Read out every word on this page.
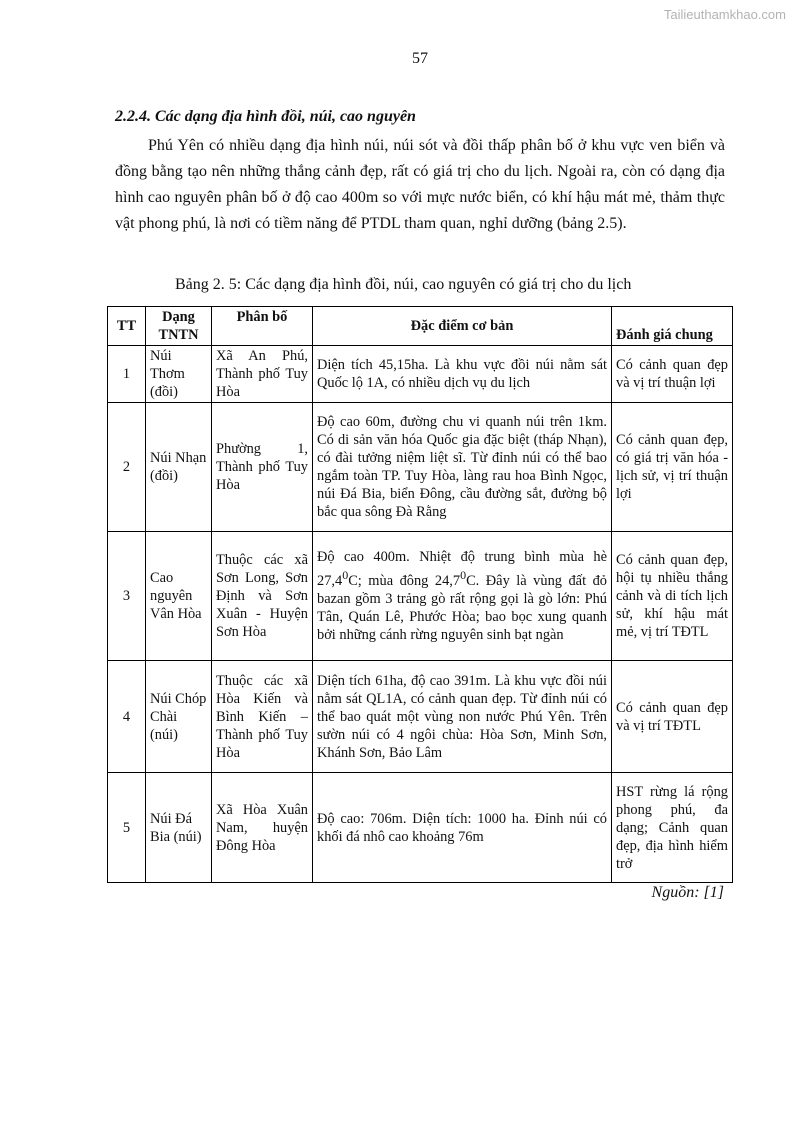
Tailieuthamkhao.com
57
2.2.4. Các dạng địa hình đồi, núi, cao nguyên

Phú Yên có nhiều dạng địa hình núi, núi sót và đồi thấp phân bố ở khu vực ven biển và đồng bằng tạo nên những thắng cảnh đẹp, rất có giá trị cho du lịch. Ngoài ra, còn có dạng địa hình cao nguyên phân bố ở độ cao 400m so với mực nước biển, có khí hậu mát mẻ, thảm thực vật phong phú, là nơi có tiềm năng để PTDL tham quan, nghỉ dưỡng (bảng 2.5).

Bảng 2. 5: Các dạng địa hình đồi, núi, cao nguyên có giá trị cho du lịch
TT	Dạng TNTN	Phân bố	Đặc điểm cơ bản	Đánh giá chung
1	Núi Thơm (đồi)	Xã An Phú, Thành phố Tuy Hòa	Diện tích 45,15ha. Là khu vực đồi núi nằm sát Quốc lộ 1A, có nhiều dịch vụ du lịch	Có cảnh quan đẹp và vị trí thuận lợi
2	Núi Nhạn (đồi)	Phường 1, Thành phố Tuy Hòa	Độ cao 60m, đường chu vi quanh núi trên 1km. Có di sản văn hóa Quốc gia đặc biệt (tháp Nhạn), có đài tưởng niệm liệt sĩ. Từ đỉnh núi có thể bao ngắm toàn TP. Tuy Hòa, làng rau hoa Bình Ngọc, núi Đá Bia, biển Đông, cầu đường sắt, đường bộ bắc qua sông Đà Rằng	Có cảnh quan đẹp, có giá trị văn hóa - lịch sử, vị trí thuận lợi
3	Cao nguyên Vân Hòa	Thuộc các xã Sơn Long, Sơn Định và Sơn Xuân - Huyện Sơn Hòa	Độ cao 400m. Nhiệt độ trung bình mùa hè 27,4$^0$C; mùa đông 24,7$^0$C. Đây là vùng đất đỏ bazan gồm 3 trảng gò rất rộng gọi là gò lớn: Phú Tân, Quán Lê, Phước Hòa; bao bọc xung quanh bởi những cánh rừng nguyên sinh bạt ngàn	Có cảnh quan đẹp, hội tụ nhiều thắng cảnh và di tích lịch sử, khí hậu mát mẻ, vị trí TĐTL
4	Núi Chóp Chài (núi)	Thuộc các xã Hòa Kiến và Bình Kiến – Thành phố Tuy Hòa	Diện tích 61ha, độ cao 391m. Là khu vực đồi núi nằm sát QL1A, có cảnh quan đẹp. Từ đỉnh núi có thể bao quát một vùng non nước Phú Yên. Trên sườn núi có 4 ngôi chùa: Hòa Sơn, Minh Sơn, Khánh Sơn, Bảo Lâm	Có cảnh quan đẹp và vị trí TĐTL
5	Núi Đá Bia (núi)	Xã Hòa Xuân Nam, huyện Đông Hòa	Độ cao: 706m. Diện tích: 1000 ha. Đỉnh núi có khối đá nhô cao khoảng 76m	HST rừng lá rộng phong phú, đa dạng; Cảnh quan đẹp, địa hình hiểm trở
Nguồn: [1]
